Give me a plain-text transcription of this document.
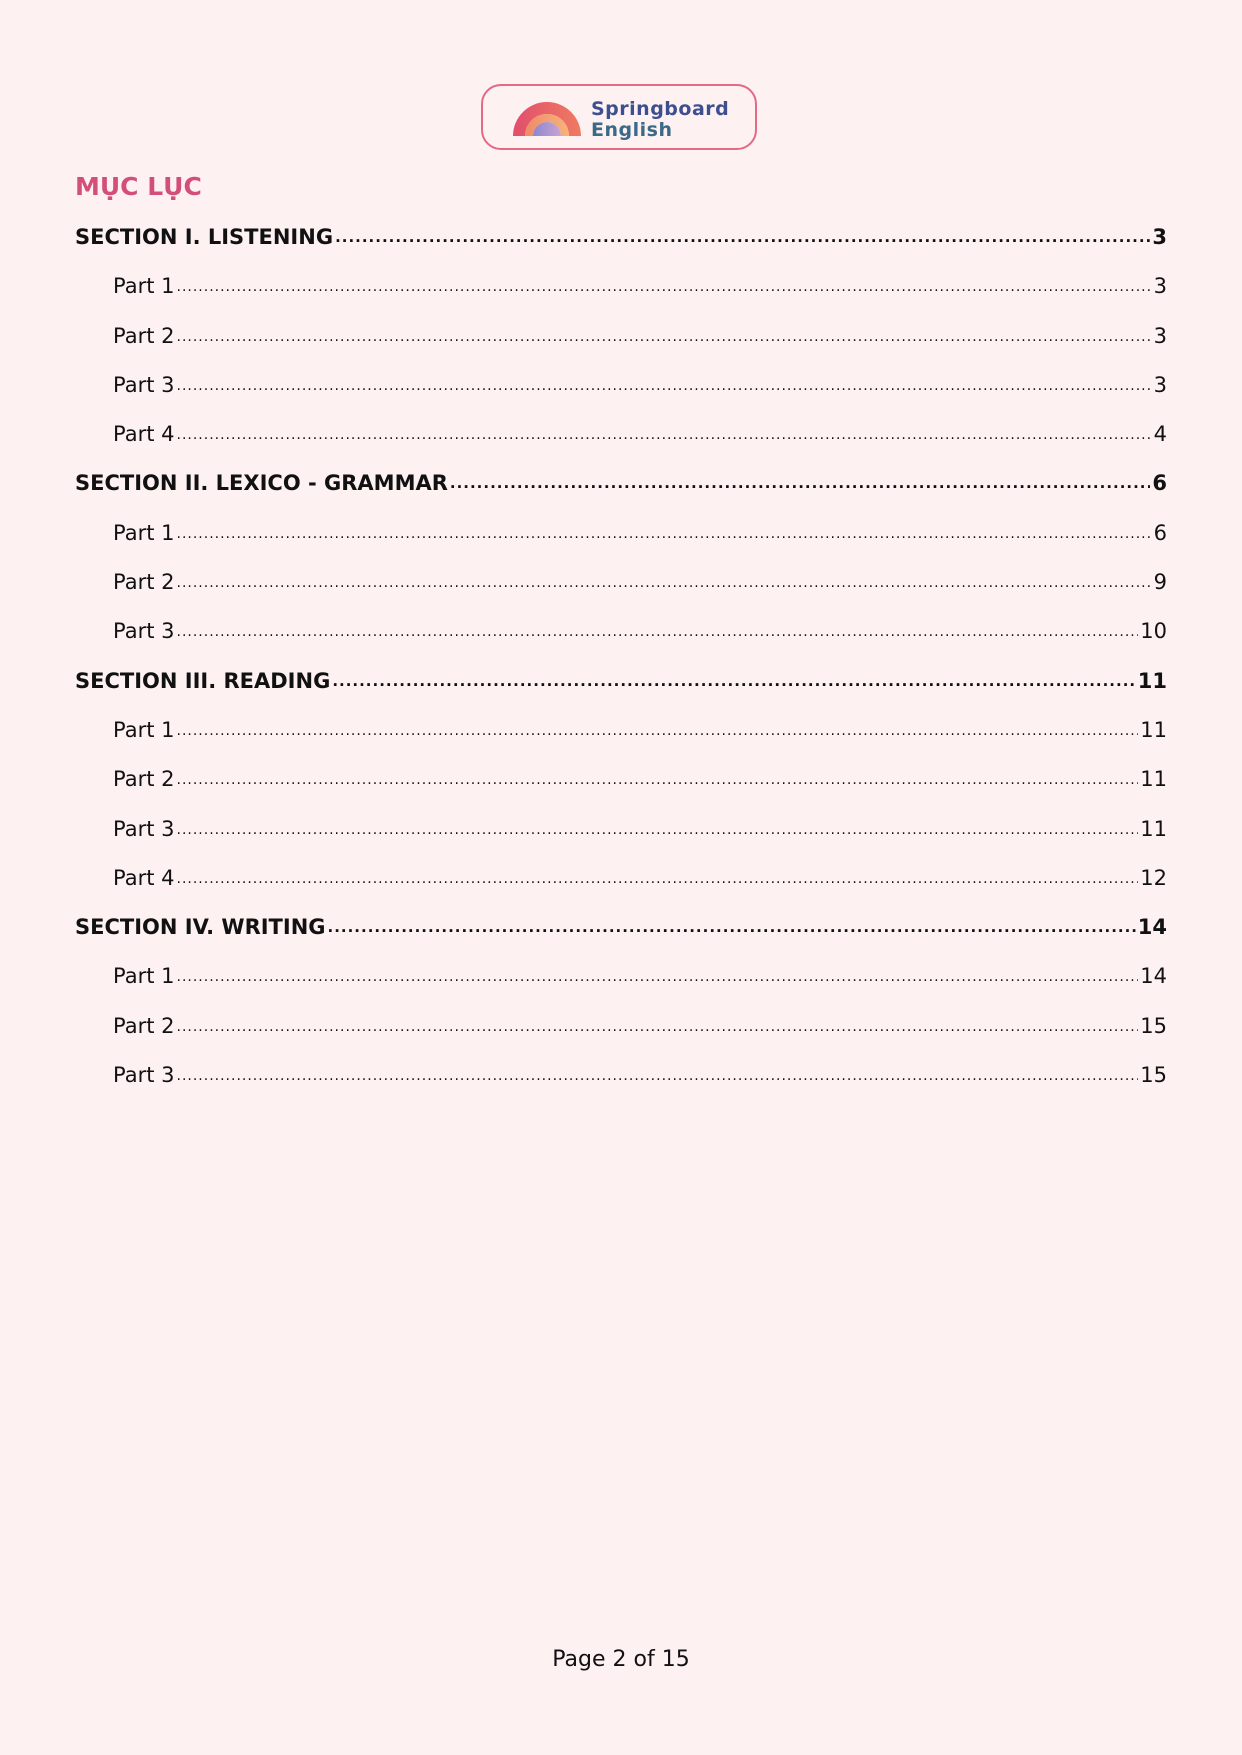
Springboard
English
MỤC LỤC
SECTION I. LISTENING .....	3
Part 1 .....	3
Part 2 .....	3
Part 3 .....	3
Part 4 .....	4
SECTION II. LEXICO - GRAMMAR .....	6
Part 1 .....	6
Part 2 .....	9
Part 3 .....	10
SECTION III. READING .....	11
Part 1 .....	11
Part 2 .....	11
Part 3 .....	11
Part 4 .....	12
SECTION IV. WRITING .....	14
Part 1 .....	14
Part 2 .....	15
Part 3 .....	15
Page 2 of 15
